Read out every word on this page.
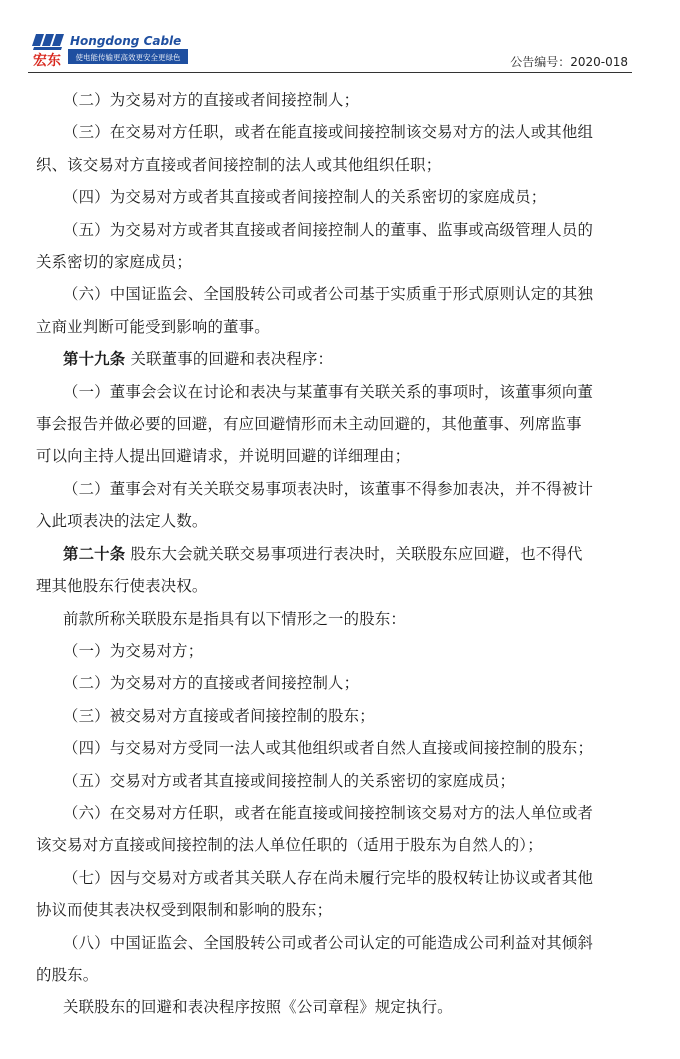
宏东
Hongdong Cable
使电能传输更高效更安全更绿色	公告编号：2020-018

（二）为交易对方的直接或者间接控制人；

（三）在交易对方任职，或者在能直接或间接控制该交易对方的法人或其他组

织、该交易对方直接或者间接控制的法人或其他组织任职；

（四）为交易对方或者其直接或者间接控制人的关系密切的家庭成员；

（五）为交易对方或者其直接或者间接控制人的董事、监事或高级管理人员的

关系密切的家庭成员；

（六）中国证监会、全国股转公司或者公司基于实质重于形式原则认定的其独

立商业判断可能受到影响的董事。

第十九条 关联董事的回避和表决程序：

（一）董事会会议在讨论和表决与某董事有关联关系的事项时，该董事须向董

事会报告并做必要的回避，有应回避情形而未主动回避的，其他董事、列席监事

可以向主持人提出回避请求，并说明回避的详细理由；

（二）董事会对有关关联交易事项表决时，该董事不得参加表决，并不得被计

入此项表决的法定人数。

第二十条 股东大会就关联交易事项进行表决时，关联股东应回避，也不得代

理其他股东行使表决权。

前款所称关联股东是指具有以下情形之一的股东：

（一）为交易对方；

（二）为交易对方的直接或者间接控制人；

（三）被交易对方直接或者间接控制的股东；

（四）与交易对方受同一法人或其他组织或者自然人直接或间接控制的股东；

（五）交易对方或者其直接或间接控制人的关系密切的家庭成员；

（六）在交易对方任职，或者在能直接或间接控制该交易对方的法人单位或者

该交易对方直接或间接控制的法人单位任职的（适用于股东为自然人的）；

（七）因与交易对方或者其关联人存在尚未履行完毕的股权转让协议或者其他

协议而使其表决权受到限制和影响的股东；

（八）中国证监会、全国股转公司或者公司认定的可能造成公司利益对其倾斜

的股东。

关联股东的回避和表决程序按照《公司章程》规定执行。
